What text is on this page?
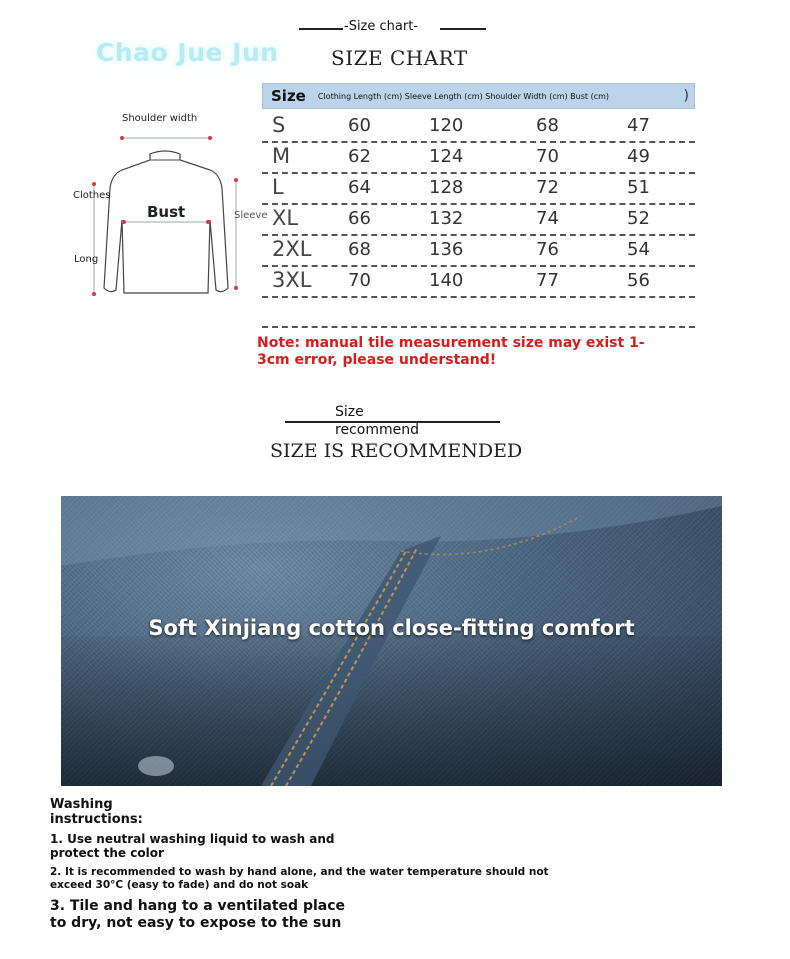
Chao Jue Jun
-Size chart-
SIZE CHART
Shoulder width
Clothes
Long
Bust	Sleeve
Size Clothing Length (cm) Sleeve Length (cm) Shoulder Width (cm) Bust (cm)	)
S	60	120	68	47
M	62	124	70	49
L	64	128	72	51
XL	66	132	74	52
2XL 68	136	76	54
3XL 70	140	77	56
Note: manual tile measurement size may exist 1-3cm error, please understand!
Size
recommend
SIZE IS RECOMMENDED
Soft Xinjiang cotton close-fitting comfort
Washing instructions:
1. Use neutral washing liquid to wash and protect the color
2. It is recommended to wash by hand alone, and the water temperature should not exceed 30°C (easy to fade) and do not soak
3. Tile and hang to a ventilated place to dry, not easy to expose to the sun
